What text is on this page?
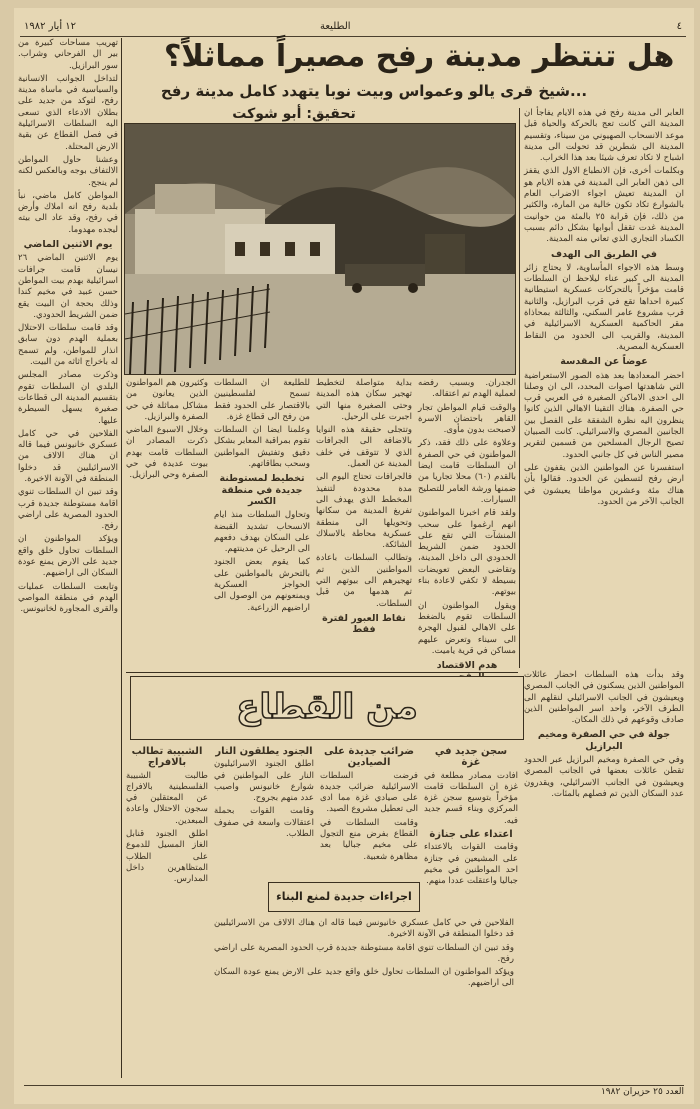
٤
الطليعة
١٢ أيار ١٩٨٢
هل تنتظر مدينة رفح مصيراً مماثلاً؟
شيخ قرى يالو وعمواس وبيت نوبا يتهدد كامل مدينة رفح...
تحقيق: أبو شوكت	العابر الى مدينة رفح في هذه الايام يفاجأ ان المدينة التي كانت تعج بالحركة والحياة قبل موعد الانسحاب الصهيوني من سيناء، وتقسيم المدينة الى شطرين قد تحولت الى مدينة اشباح لا تكاد تعرف شيئا بعد هذا الخراب.

وبكلمات أخرى، فإن الانطباع الاول الذي يقفز الى ذهن العابر الى المدينة في هذه الايام هو ان المدينة تعيش اجواء الاضراب العام بالشوارع تكاد تكون خالية من المارة، والكثير من ذلك، فإن قرابة ٢٥ بالمئة من حوانيت المدينة غدت تقفل أبوابها بشكل دائم بسبب الكساد التجاري الذي تعاني منه المدينة.

في الطريق الى الهدف

وسط هذه الاجواء المأساوية، لا يحتاج زائر المدينة الى كبير عناء ليلاحظ ان السلطات قامت مؤخراً بالتحركات عسكرية استيطانية كبيرة احداها تقع في قرب البرازيل، والثانية قرب مشروع عامر السكني، والثالثة بمحاذاة مقر الحاكمية العسكرية الاسرائيلية في المدينة، والقريب الى الحدود من النقاط العسكرية المصرية.

عوضاً عن المقدسة

احضر المعدادها بعد هذه الصور الاستعراضية التي شاهدتها اصوات المحدد، الى ان وصلنا الى احدى الاماكن الصغيرة في العربي قرب حي الصفرة. هناك التقينا الاهالي الذين كانوا ينظرون اليه نظرة الشفقة على الفصل بين الجانبين المصري والاسرائيلي. كانت الصبيان تصيح الرجال المسلحين من قسمين لتقرير مصير الناس في كل جانبي الحدود.

استفسرنا عن المواطنين الذين يقفون على ارض رفح لتسطين عن الحدود. فقالوا بأن هناك مئة وعشرين مواطنا يعيشون في الجانب الآخر من الحدود.

وقد بدأت هذه السلطات احضار عائلات المواطنين الذين يسكنون في الجانب المصري ويعيشون في الجانب الاسرائيلي لنقلهم الى الطرف الآخر، واحد اسر المواطنين الذين صادف وقوعهم في ذلك المكان.

جولة في حي الصفرة ومخيم البرازيل

وفي حي الصفرة ومخيم البرازيل عبر الحدود تقطن عائلات بعضها في الجانب المصري ويعيشون في الجانب الاسرائيلي، ويقدرون عدد السكان الذين تم فصلهم بالمئات.

الجدران. وبسبب رفضه لعملية الهدم تم اعتقاله.

والوقت قيام المواطن تجار القاهر باحتضان الاسرة لاصبحت بدون مأوى.

وعلاوة على ذلك فقد، ذكر المواطنون في حي الصفرة ان السلطات قامت ايضا بالقدم (٦٠) محلا تجاريا من ضمنها ورشة العامر للتصليح السيارات.

ولقد قام اخبرنا المواطنون انهم ارغموا على سحب المنشآت التي تقع على الحدود ضمن الشريط الحدودي الى داخل المدينة، وتقاضى البعض تعويضات بسيطة لا تكفي لاعادة بناء بيوتهم.

ويقول المواطنون ان السلطات تقوم بالضغط على الاهالي لقبول الهجرة الى سيناء وتعرض عليهم مساكن في قرية ياميت.

هدم الاقتصاد

بداية متواصلة لتخطيط تهجير سكان هذه المدينة وحتى الصغيرة منها التي اجبرت على الرحيل.

وتتجلى حقيقة هذه النوايا بالاضافة الى الجرافات الذي لا تتوقف في خلف المدينة عن العمل.

فالجرافات تحتاج اليوم الى مدة محدودة لتنفيذ المخطط الذي يهدف الى تفريغ المدينة من سكانها وتحويلها الى منطقة عسكرية محاطة بالاسلاك الشائكة.

وتطالب السلطات باعادة المواطنين الذين تم تهجيرهم الى بيوتهم التي تم هدمها من قبل السلطات.

نقاط العبور لفترة فقط

للطليعة ان السلطات تسمح لفلسطينيين بالاقتصار على الحدود فقط من رفح الى قطاع غزة.

وعلمنا ايضا ان السلطات تقوم بمراقبة المعابر بشكل دقيق وتفتيش المواطنين وسحب بطاقاتهم.

تخطيط لمستوطنة جديدة في منطقة الكسر

وتحاول السلطات منذ ايام الانسحاب تشديد القبضة على السكان بهدف دفعهم الى الرحيل عن مدينتهم.

كما يقوم بعض الجنود بالتحرش بالمواطنين على الحواجز العسكرية ويمنعونهم من الوصول الى اراضيهم الزراعية.

وكثيرون هم المواطنون الذين يعانون من مشاكل مماثلة في حي الصفرة والبرازيل.

وخلال الاسبوع الماضي ذكرت المصادر ان السلطات قامت بهدم بيوت عديدة في حي الصفرة وحي البرازيل.

تهريب مساحات كبيرة من بير ال الفرحاني وشراب. سور البرازيل.

لتداخل الجوانب الانسانية والسياسية في ماساة مدينة رفح، لتوكد من جديد على بطلان الادعاء الذي تسعى اليه السلطات الاسرائيلية في فصل القطاع عن بقية الارض المحتلة.

وعشنا حاول المواطن الالتفاف بوجه وبالعكس لكنه لم ينجح.

المواطن كامل ماضي، نبأ بلدية رفح انه املاك وأرض في رفح، وقد عاد الى بيته ليجده مهدوما.

يوم الاثنين الماضي

يوم الاثنين الماضي ٢٦ نيسان قامت جرافات اسرائيلية بهدم بيت المواطن حسن عبيد في مخيم كندا وذلك بحجة ان البيت يقع ضمن الشريط الحدودي.

وقد قامت سلطات الاحتلال بعملية الهدم دون سابق انذار للمواطن، ولم تسمح له باخراج اثاثه من البيت.

وذكرت مصادر المجلس البلدي ان السلطات تقوم بتقسيم المدينة الى قطاعات صغيرة يسهل السيطرة عليها.

الفلاحين في حي كامل عسكري خانيونس فيما قاله ان هناك الالاف من الاسرائيليين قد دخلوا المنطقة في الآونة الاخيرة.

وقد تبين ان السلطات تنوي اقامة مستوطنة جديدة قرب الحدود المصرية على اراضي رفح.

ويؤكد المواطنون ان السلطات تحاول خلق واقع جديد على الارض يمنع عودة السكان الى اراضيهم.

وتابعت السلطات عمليات الهدم في منطقة المواصي والقرى المجاورة لخانيونس.

من القطاع
سجن جديد في غزة

افادت مصادر مطلعة في غزة ان السلطات قامت مؤخراً بتوسيع سجن غزة المركزي وبناء قسم جديد فيه.

اعتداء على جنازة

وقامت القوات بالاعتداء على المشيعين في جنازة احد المواطنين في مخيم جباليا واعتقلت عددا منهم.

ضرائب جديدة على الصيادين

فرضت السلطات الاسرائيلية ضرائب جديدة على صيادي غزة مما ادى الى تعطيل مشروع الصيد.

وقامت السلطات في القطاع بفرض منع التجول على مخيم جباليا بعد مظاهرة شعبية.

اجراءات جديدة لمنع البناء
الجنود يطلقون النار

اطلق الجنود الاسرائيليون النار على المواطنين في شوارع خانيونس واصيب عدد منهم بجروح.

وقامت القوات بحملة اعتقالات واسعة في صفوف الطلاب.

الشبيبة تطالب بالافراج

طالبت الشبيبة الفلسطينية بالافراج عن المعتقلين في سجون الاحتلال واعادة المبعدين.

اطلق الجنود قنابل الغاز المسيل للدموع على الطلاب المتظاهرين داخل المدارس.

الفلاحين في حي كامل عسكري خانيونس فيما قاله ان هناك الالاف من الاسرائيليين قد دخلوا المنطقة في الآونة الاخيرة.

وقد تبين ان السلطات تنوي اقامة مستوطنة جديدة قرب الحدود المصرية على اراضي رفح.

ويؤكد المواطنون ان السلطات تحاول خلق واقع جديد على الارض يمنع عودة السكان الى اراضيهم.

العدد ٢٥ حزيران ١٩٨٢
